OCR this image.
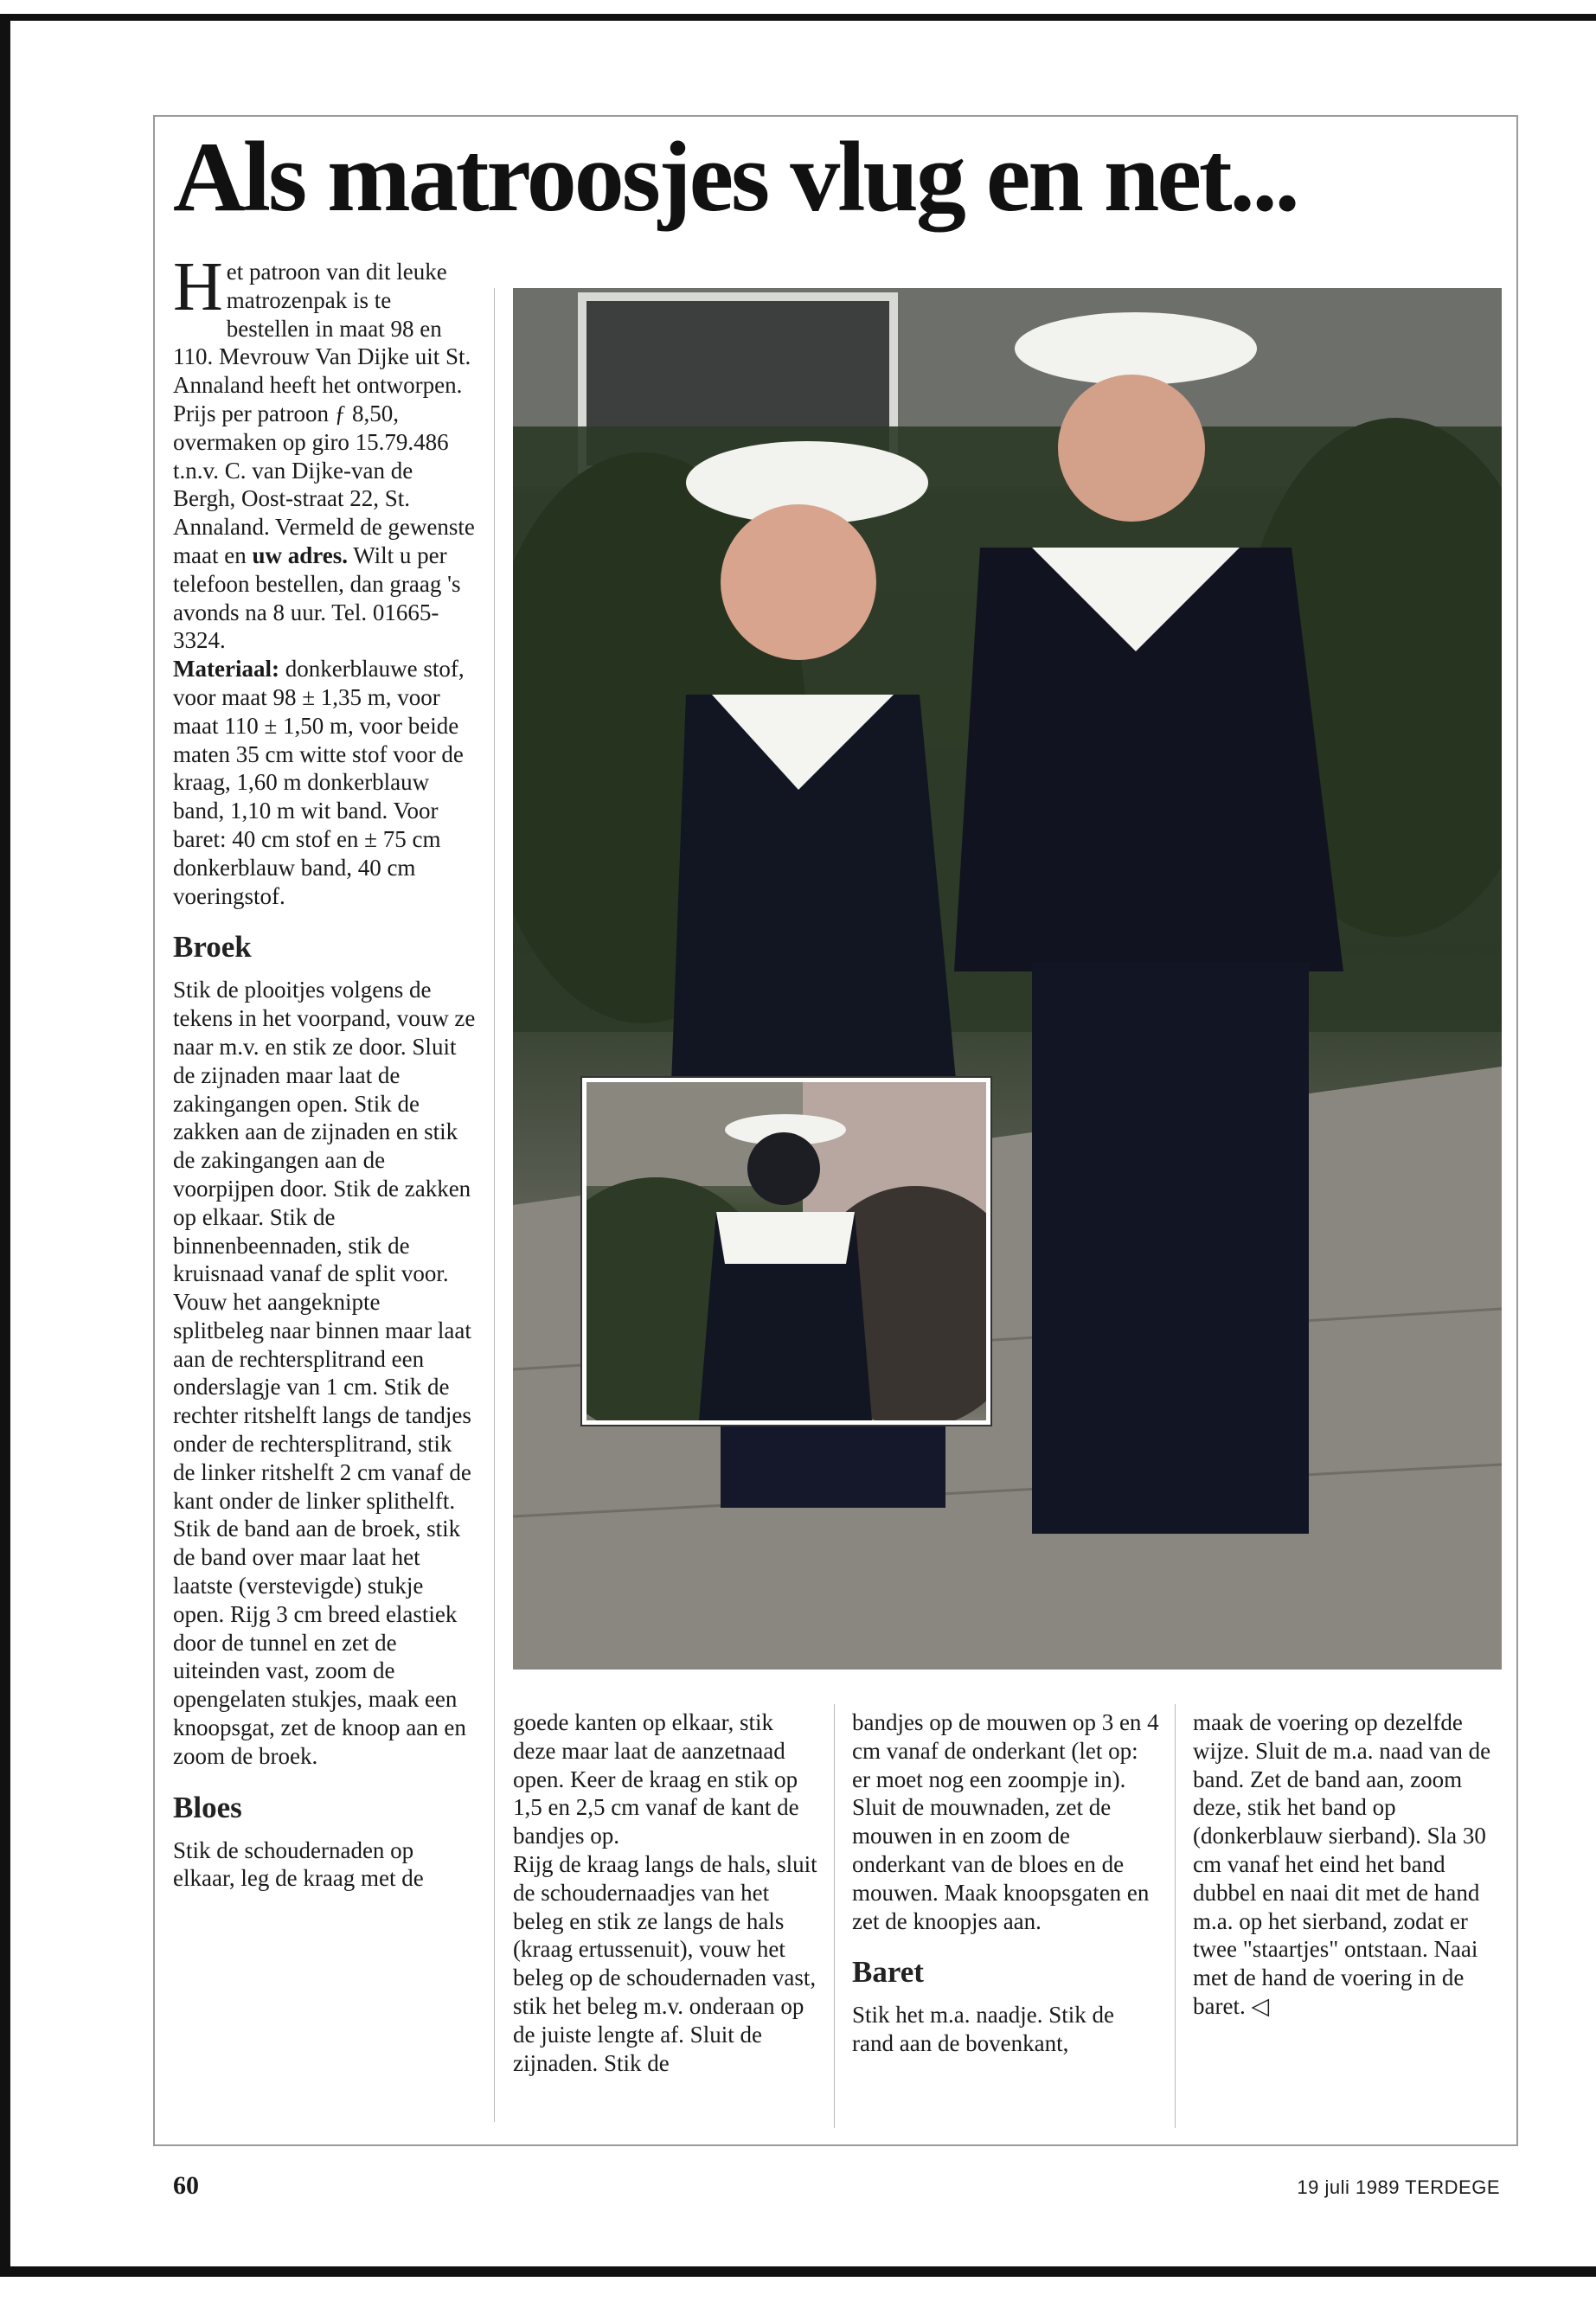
Als matroosjes vlug en net...

Het patroon van dit leuke matrozenpak is te bestellen in maat 98 en 110. Mevrouw Van Dijke uit St. Annaland heeft het ontworpen. Prijs per patroon ƒ 8,50, overmaken op giro 15.79.486 t.n.v. C. van Dijke-van de Bergh, Oost-straat 22, St. Annaland. Vermeld de gewenste maat en uw adres. Wilt u per telefoon bestellen, dan graag 's avonds na 8 uur. Tel. 01665-3324.

Materiaal: donkerblauwe stof, voor maat 98 ± 1,35 m, voor maat 110 ± 1,50 m, voor beide maten 35 cm witte stof voor de kraag, 1,60 m donkerblauw band, 1,10 m wit band. Voor baret: 40 cm stof en ± 75 cm donkerblauw band, 40 cm voeringstof.

Broek

Stik de plooitjes volgens de tekens in het voorpand, vouw ze naar m.v. en stik ze door. Sluit de zijnaden maar laat de zakingangen open. Stik de zakken aan de zijnaden en stik de zakingangen aan de voorpijpen door. Stik de zakken op elkaar. Stik de binnenbeennaden, stik de kruisnaad vanaf de split voor. Vouw het aangeknipte splitbeleg naar binnen maar laat aan de rechtersplitrand een onderslagje van 1 cm. Stik de rechter ritshelft langs de tandjes onder de rechtersplitrand, stik de linker ritshelft 2 cm vanaf de kant onder de linker splithelft. Stik de band aan de broek, stik de band over maar laat het laatste (verstevigde) stukje open. Rijg 3 cm breed elastiek door de tunnel en zet de uiteinden vast, zoom de opengelaten stukjes, maak een knoopsgat, zet de knoop aan en zoom de broek.

Bloes

Stik de schoudernaden op elkaar, leg de kraag met de

goede kanten op elkaar, stik deze maar laat de aanzetnaad open. Keer de kraag en stik op 1,5 en 2,5 cm vanaf de kant de bandjes op.

Rijg de kraag langs de hals, sluit de schoudernaadjes van het beleg en stik ze langs de hals (kraag ertussenuit), vouw het beleg op de schoudernaden vast, stik het beleg m.v. onderaan op de juiste lengte af. Sluit de zijnaden. Stik de

bandjes op de mouwen op 3 en 4 cm vanaf de onderkant (let op: er moet nog een zoompje in). Sluit de mouwnaden, zet de mouwen in en zoom de onderkant van de bloes en de mouwen. Maak knoopsgaten en zet de knoopjes aan.

Baret

Stik het m.a. naadje. Stik de rand aan de bovenkant,

maak de voering op dezelfde wijze. Sluit de m.a. naad van de band. Zet de band aan, zoom deze, stik het band op (donkerblauw sierband). Sla 30 cm vanaf het eind het band dubbel en naai dit met de hand m.a. op het sierband, zodat er twee "staartjes" ontstaan. Naai met de hand de voering in de baret. ◁

60	19 juli 1989 TERDEGE
